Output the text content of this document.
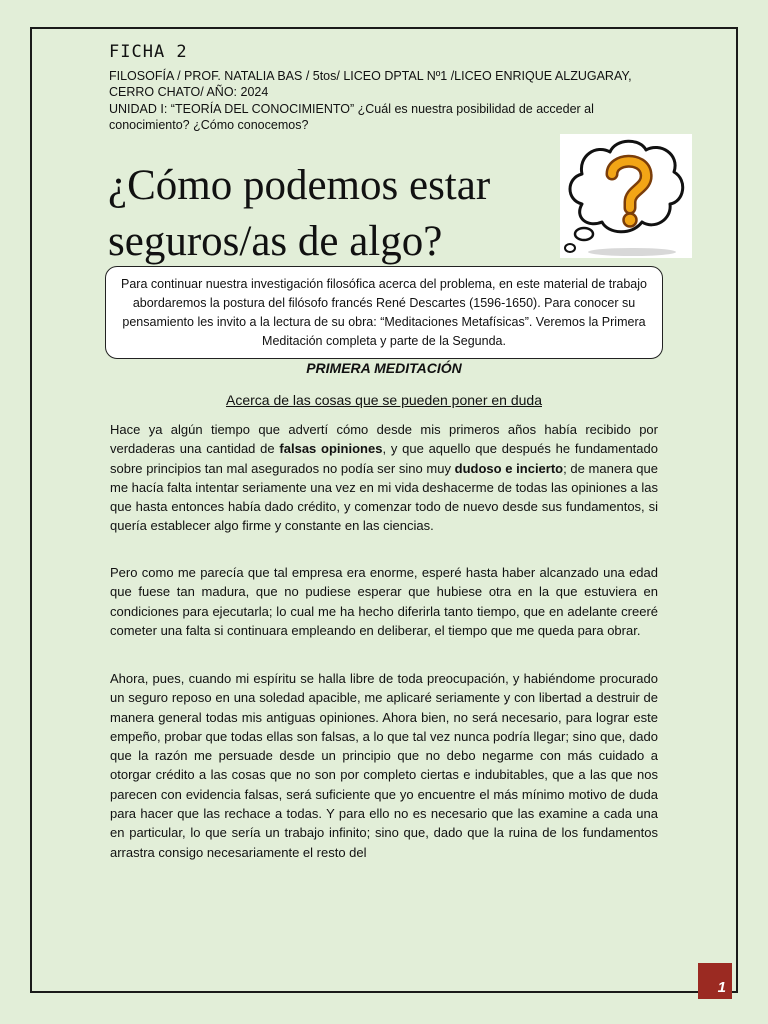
FICHA 2
FILOSOFÍA / PROF. NATALIA BAS / 5tos/ LICEO DPTAL Nº1 /LICEO ENRIQUE ALZUGARAY, CERRO CHATO/ AÑO: 2024
UNIDAD I: “TEORÍA DEL CONOCIMIENTO” ¿Cuál es nuestra posibilidad de acceder al conocimiento? ¿Cómo conocemos?
¿Cómo podemos estar
seguros/as de algo?
Para continuar nuestra investigación filosófica acerca del problema, en este material de trabajo abordaremos la postura del filósofo francés René Descartes (1596-1650). Para conocer su pensamiento les invito a la lectura de su obra: “Meditaciones Metafísicas”. Veremos la Primera Meditación completa y parte de la Segunda.
PRIMERA MEDITACIÓN
Acerca de las cosas que se pueden poner en duda
Hace ya algún tiempo que advertí cómo desde mis primeros años había recibido por verdaderas una cantidad de falsas opiniones, y que aquello que después he fundamentado sobre principios tan mal asegurados no podía ser sino muy dudoso e incierto; de manera que me hacía falta intentar seriamente una vez en mi vida deshacerme de todas las opiniones a las que hasta entonces había dado crédito, y comenzar todo de nuevo desde sus fundamentos, si quería establecer algo firme y constante en las ciencias.
Pero como me parecía que tal empresa era enorme, esperé hasta haber alcanzado una edad que fuese tan madura, que no pudiese esperar que hubiese otra en la que estuviera en condiciones para ejecutarla; lo cual me ha hecho diferirla tanto tiempo, que en adelante creeré cometer una falta si continuara empleando en deliberar, el tiempo que me queda para obrar.
Ahora, pues, cuando mi espíritu se halla libre de toda preocupación, y habiéndome procurado un seguro reposo en una soledad apacible, me aplicaré seriamente y con libertad a destruir de manera general todas mis antiguas opiniones. Ahora bien, no será necesario, para lograr este empeño, probar que todas ellas son falsas, a lo que tal vez nunca podría llegar; sino que, dado que la razón me persuade desde un principio que no debo negarme con más cuidado a otorgar crédito a las cosas que no son por completo ciertas e indubitables, que a las que nos parecen con evidencia falsas, será suficiente que yo encuentre el más mínimo motivo de duda para hacer que las rechace a todas. Y para ello no es necesario que las examine a cada una en particular, lo que sería un trabajo infinito; sino que, dado que la ruina de los fundamentos arrastra consigo necesariamente el resto del
1
